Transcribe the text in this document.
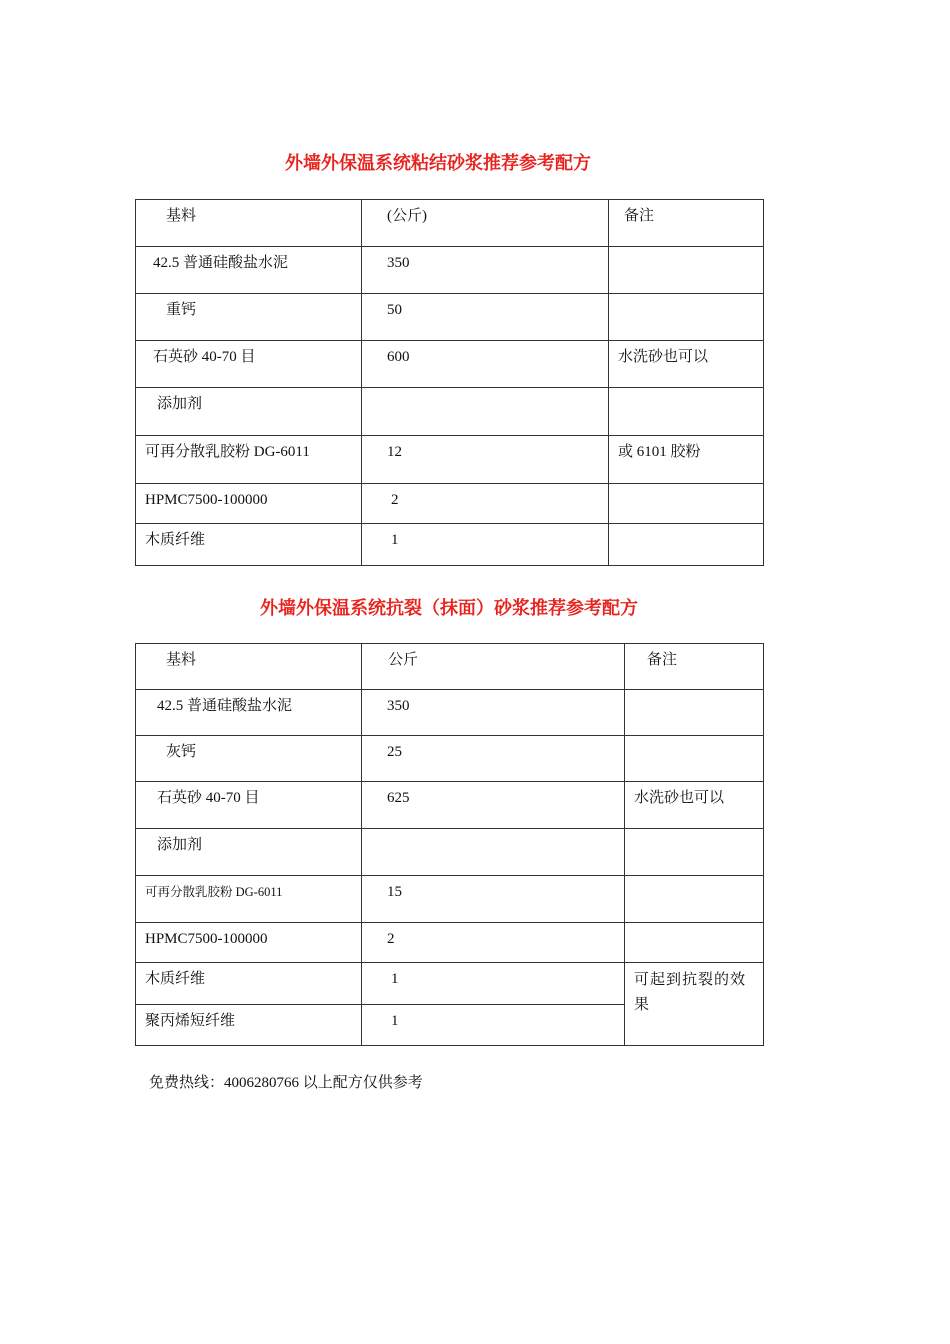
外墙外保温系统粘结砂浆推荐参考配方
基料	(公斤)	备注
42.5 普通硅酸盐水泥	350	
重钙	50	
石英砂 40-70 目	600	水洗砂也可以
添加剂		
可再分散乳胶粉 DG-6011	12	或 6101 胶粉
HPMC7500-100000	2	
木质纤维	1	
外墙外保温系统抗裂（抹面）砂浆推荐参考配方
基料	公斤	备注
42.5 普通硅酸盐水泥	350	
灰钙	25	
石英砂 40-70 目	625	水洗砂也可以
添加剂		
可再分散乳胶粉 DG-6011	15	
HPMC7500-100000	2	
木质纤维	1	可起到抗裂的效果
聚丙烯短纤维	1	
免费热线：4006280766 以上配方仅供参考
